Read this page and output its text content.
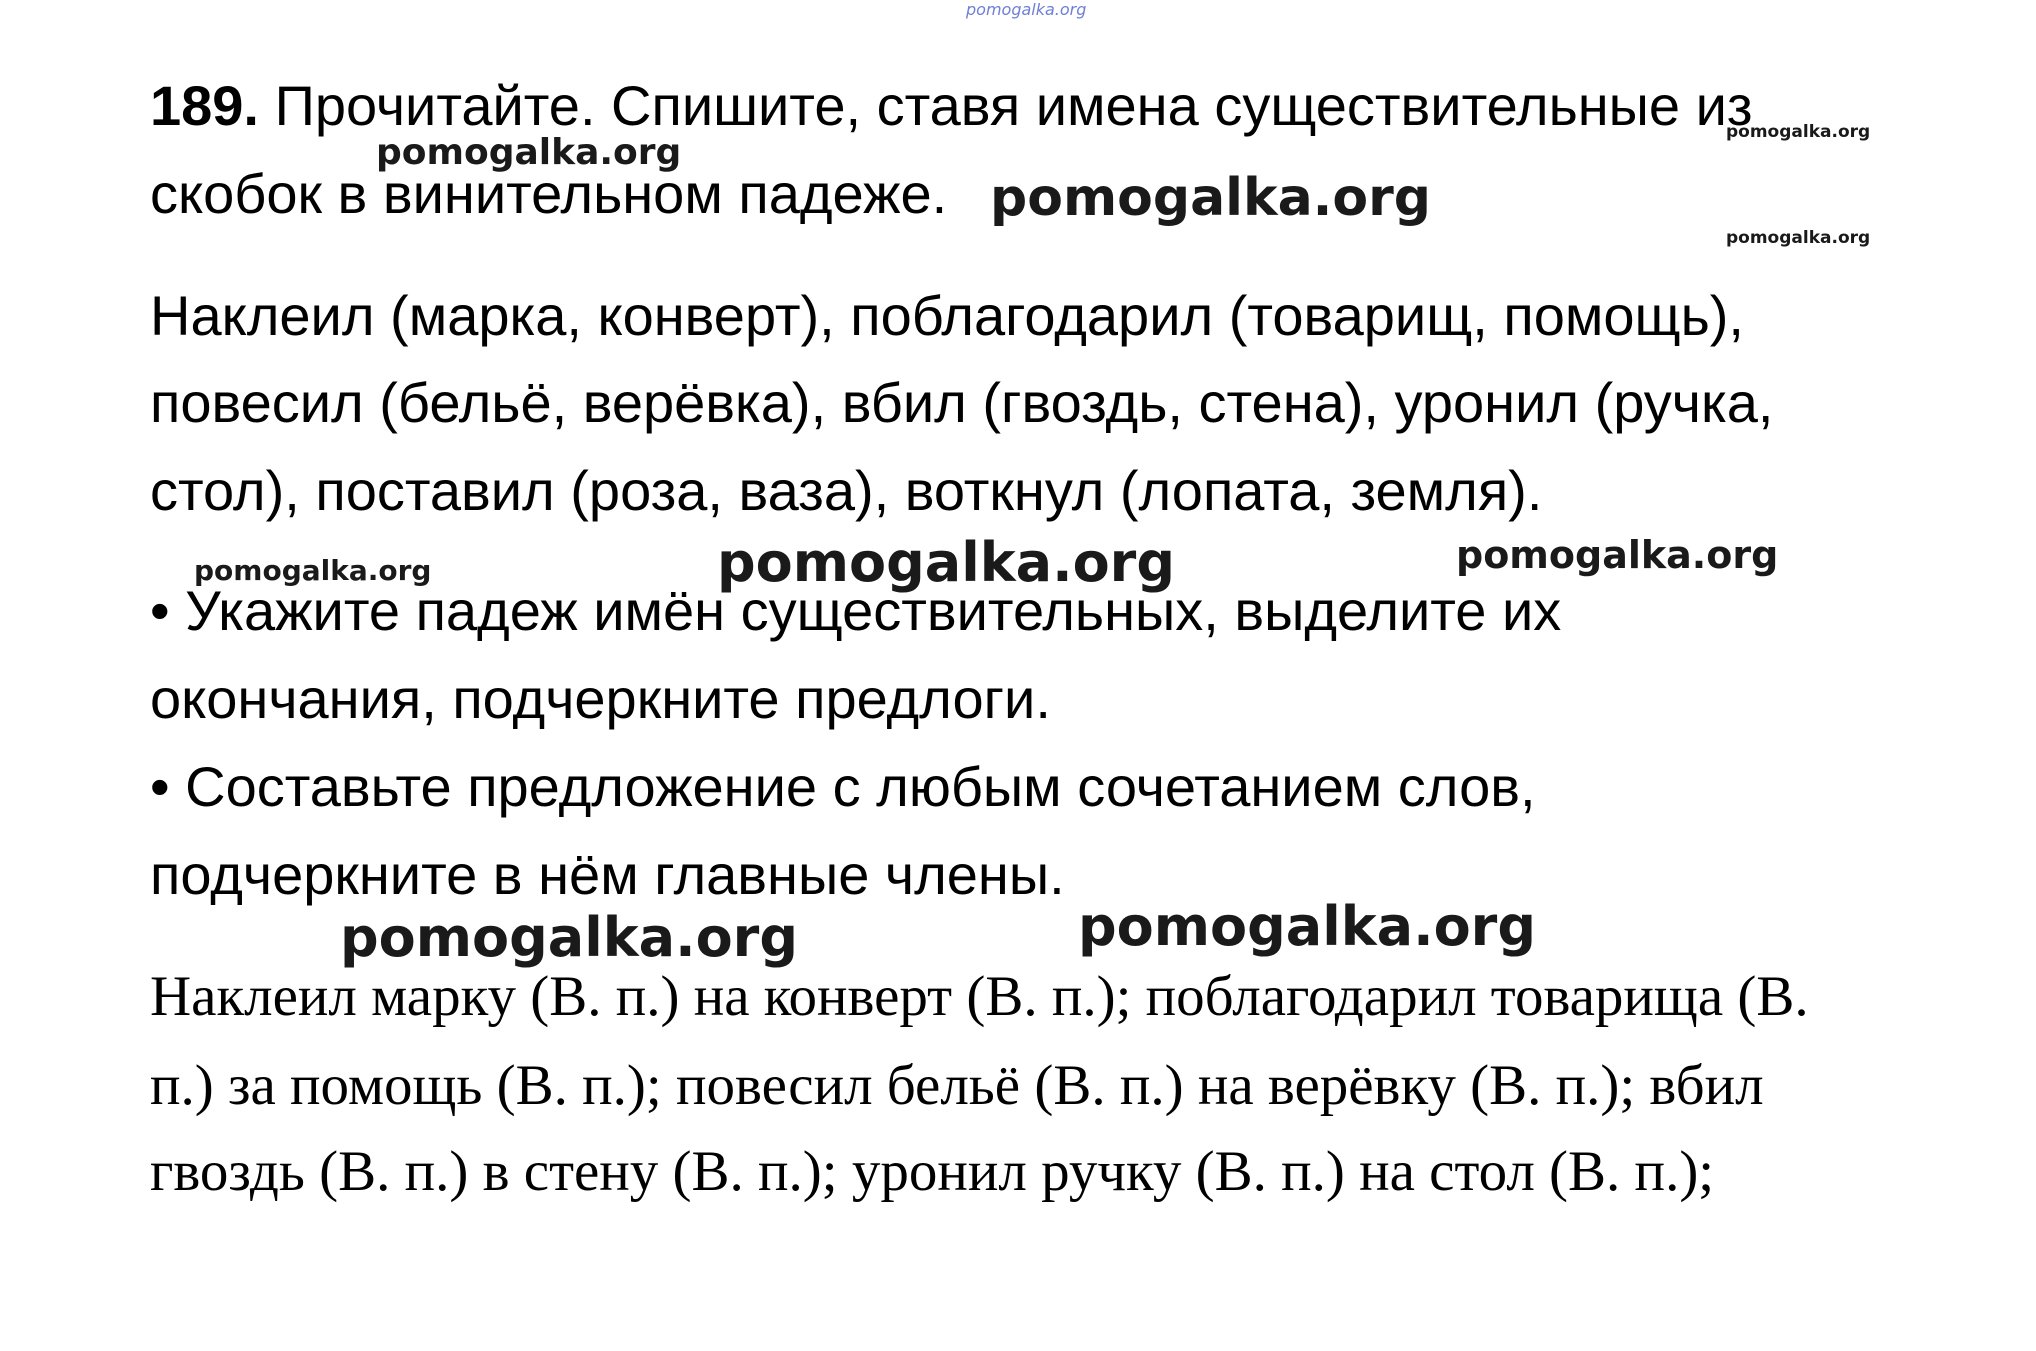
pomogalka.org
189. Прочитайте. Спишите, ставя имена существительные из
скобок в винительном падеже.
Наклеил (марка, конверт), поблагодарил (товарищ, помощь),
повесил (бельё, верёвка), вбил (гвоздь, стена), уронил (ручка,
стол), поставил (роза, ваза), воткнул (лопата, земля).
• Укажите падеж имён существительных, выделите их
окончания, подчеркните предлоги.
• Составьте предложение с любым сочетанием слов,
подчеркните в нём главные члены.
Наклеил марку (В. п.) на конверт (В. п.); поблагодарил товарища (В.
п.) за помощь (В. п.); повесил бельё (В. п.) на верёвку (В. п.); вбил
гвоздь (В. п.) в стену (В. п.); уронил ручку (В. п.) на стол (В. п.);
pomogalka.org
pomogalka.org
pomogalka.org
pomogalka.org
pomogalka.org	pomogalka.org	pomogalka.org
pomogalka.org	pomogalka.org
